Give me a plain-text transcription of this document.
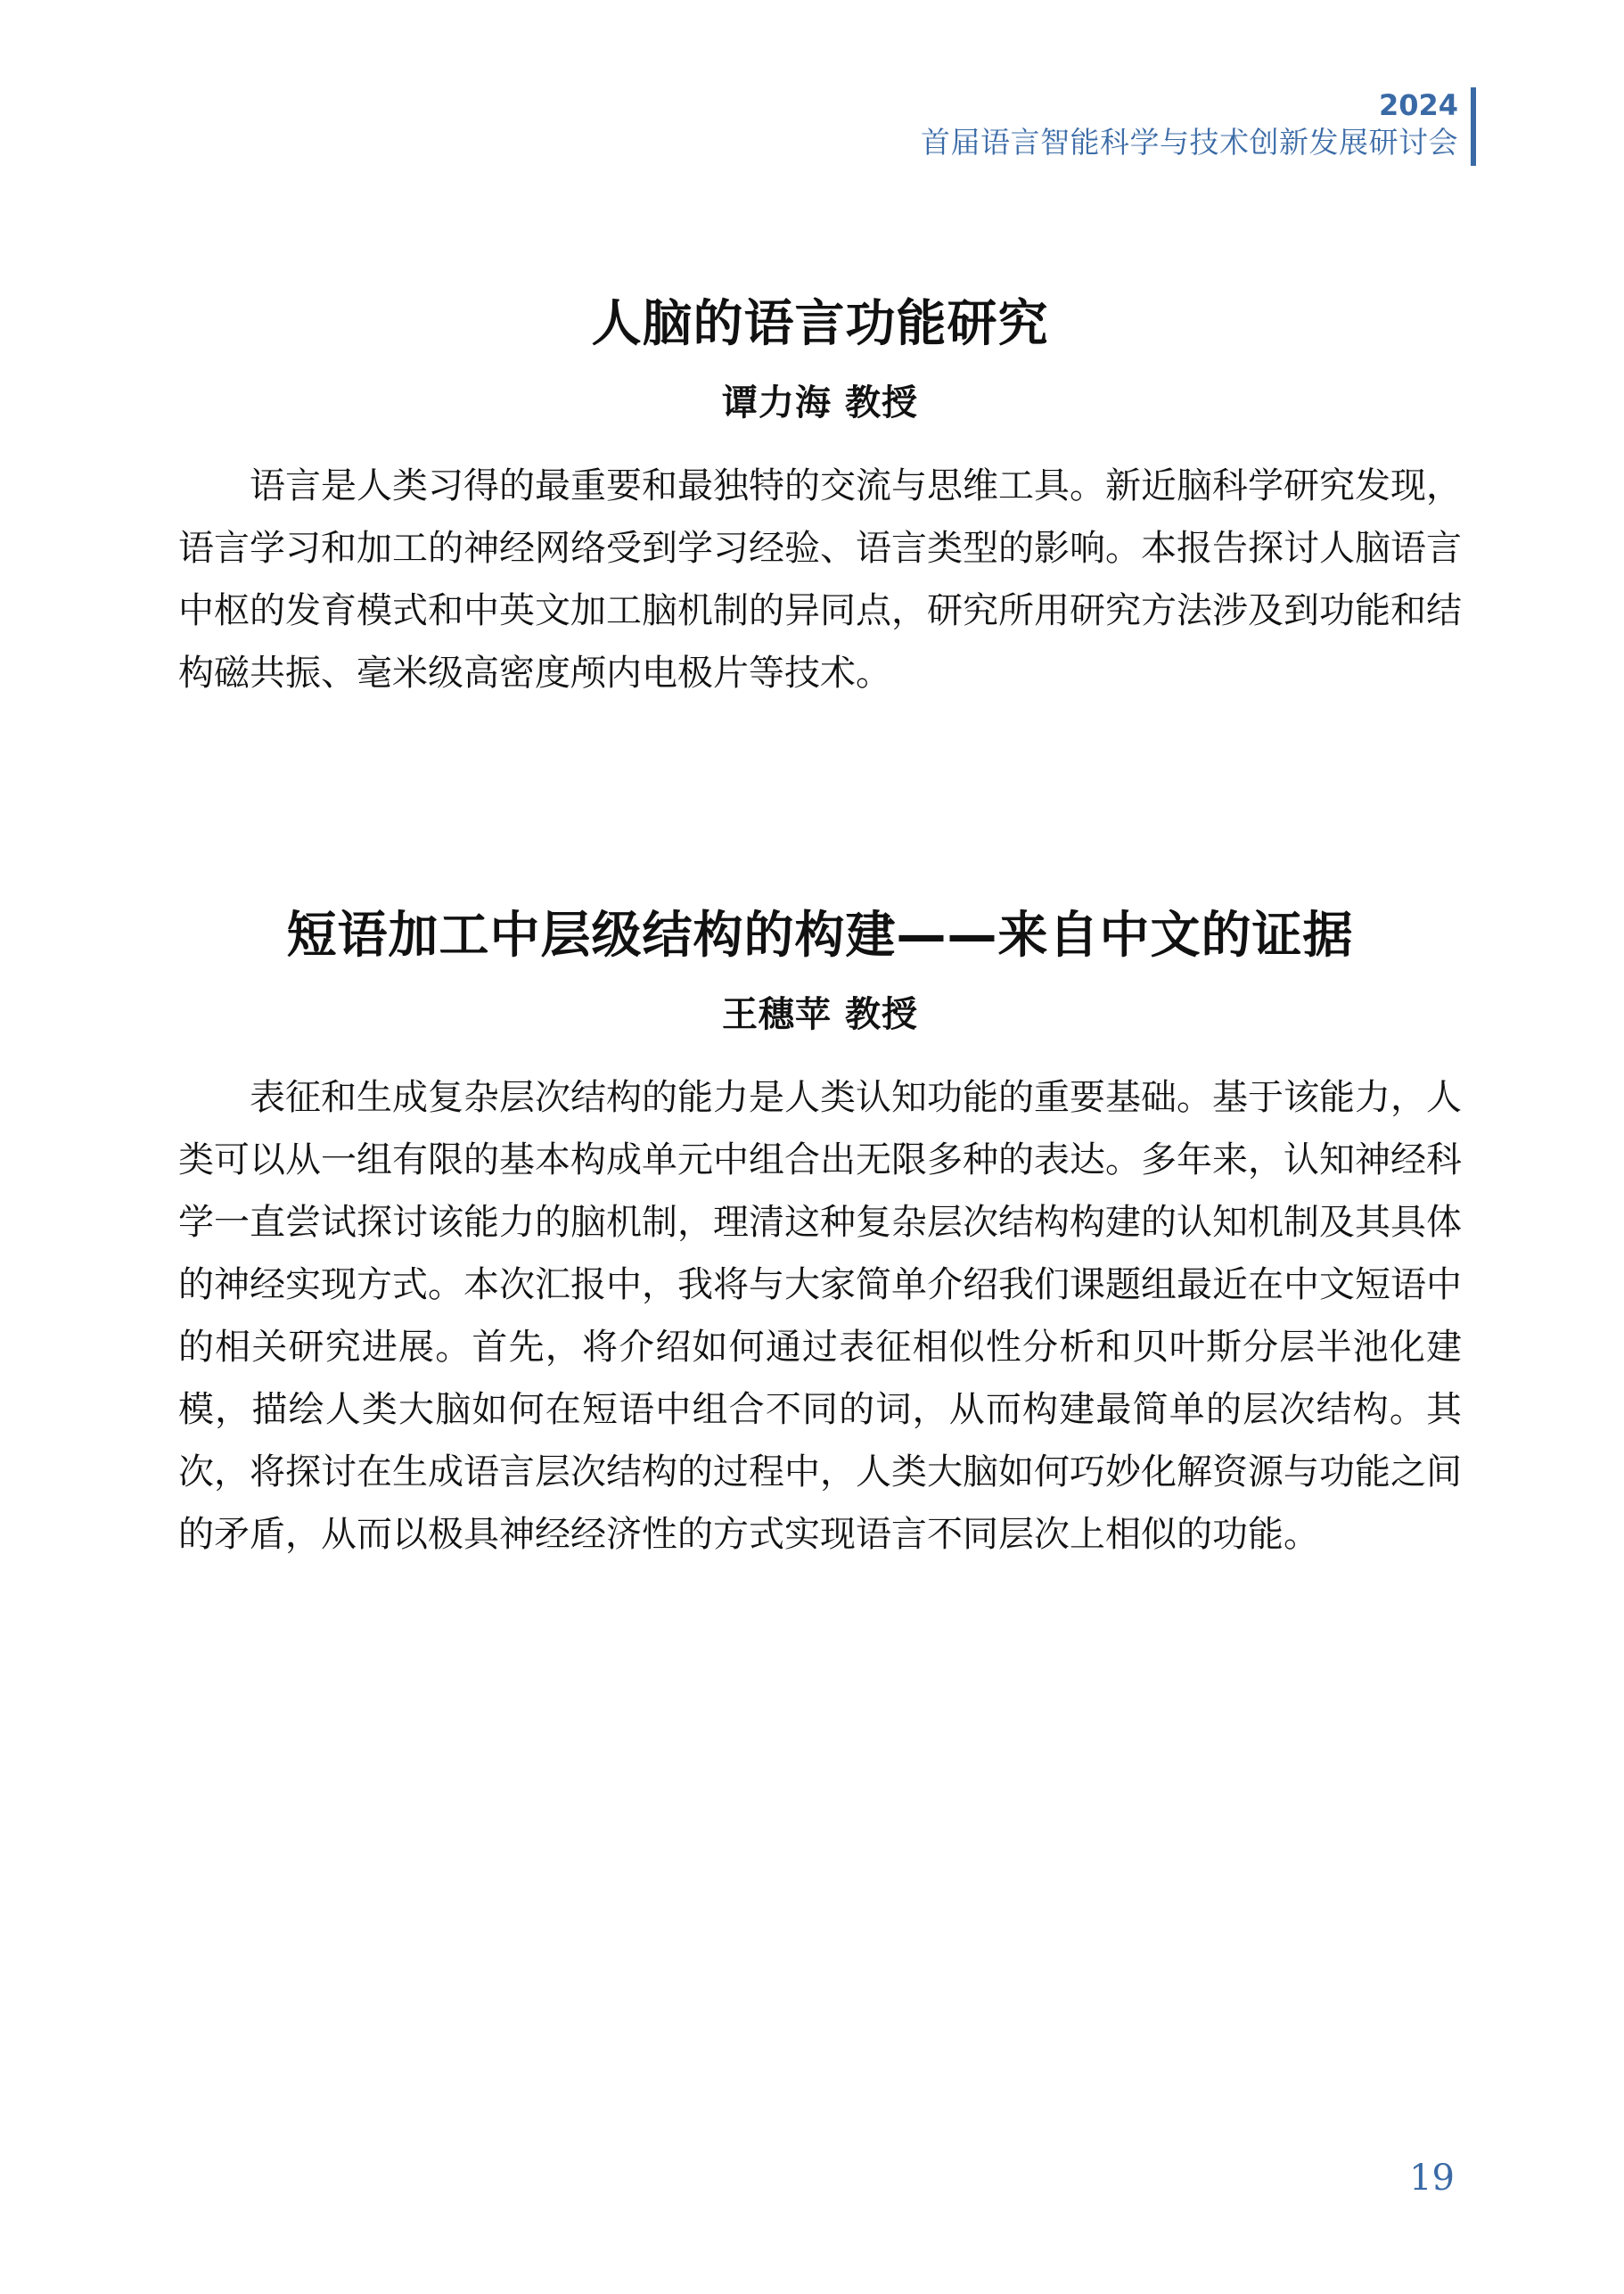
2024
首届语言智能科学与技术创新发展研讨会
人脑的语言功能研究

谭力海 教授

语言是人类习得的最重要和最独特的交流与思维工具。新近脑科学研究发现，语言学习和加工的神经网络受到学习经验、语言类型的影响。本报告探讨人脑语言中枢的发育模式和中英文加工脑机制的异同点，研究所用研究方法涉及到功能和结构磁共振、毫米级高密度颅内电极片等技术。

短语加工中层级结构的构建——来自中文的证据

王穗苹 教授

表征和生成复杂层次结构的能力是人类认知功能的重要基础。基于该能力，人类可以从一组有限的基本构成单元中组合出无限多种的表达。多年来，认知神经科学一直尝试探讨该能力的脑机制，理清这种复杂层次结构构建的认知机制及其具体的神经实现方式。本次汇报中，我将与大家简单介绍我们课题组最近在中文短语中的相关研究进展。首先，将介绍如何通过表征相似性分析和贝叶斯分层半池化建模，描绘人类大脑如何在短语中组合不同的词，从而构建最简单的层次结构。其次，将探讨在生成语言层次结构的过程中，人类大脑如何巧妙化解资源与功能之间的矛盾，从而以极具神经经济性的方式实现语言不同层次上相似的功能。

19
